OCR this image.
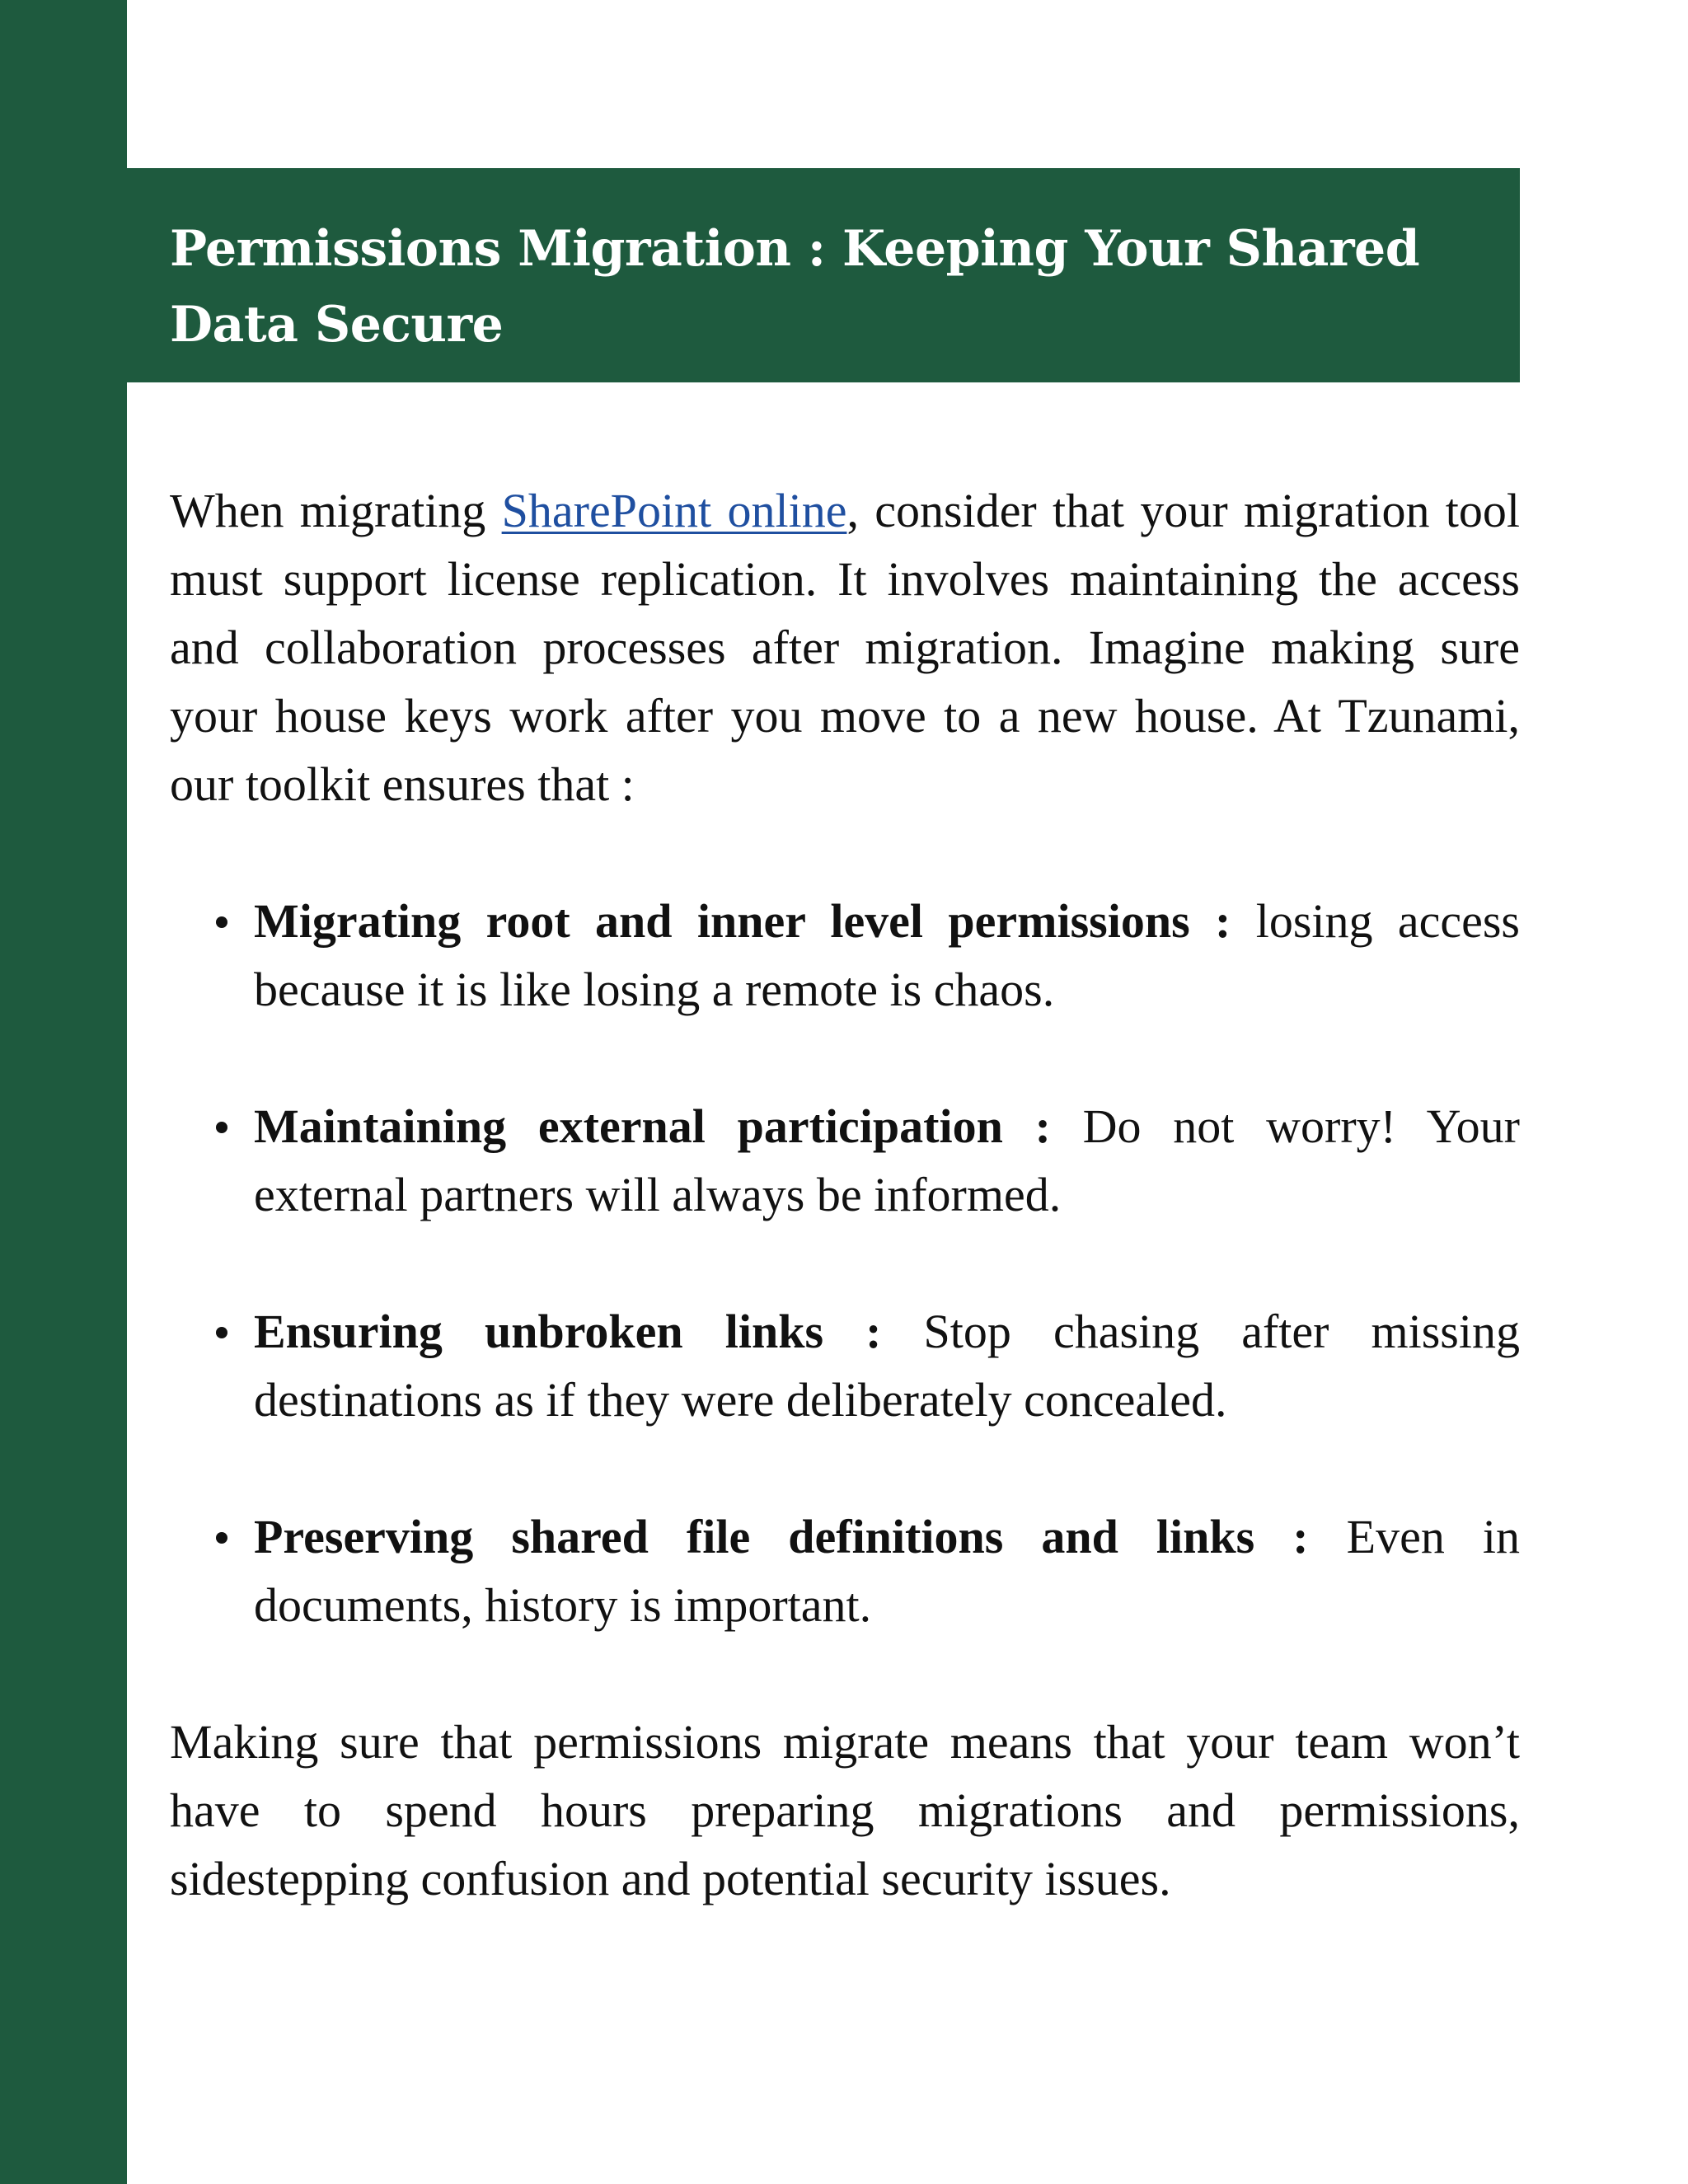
Permissions Migration : Keeping Your Shared Data Secure

When migrating SharePoint online, consider that your migration tool must support license replication. It involves maintaining the access and collaboration processes after migration. Imagine making sure your house keys work after you move to a new house. At Tzunami, our toolkit ensures that :

Migrating root and inner level permissions : losing access because it is like losing a remote is chaos.
Maintaining external participation : Do not worry! Your external partners will always be informed.
Ensuring unbroken links : Stop chasing after missing destinations as if they were deliberately concealed.
Preserving shared file definitions and links : Even in documents, history is important.

Making sure that permissions migrate means that your team won’t have to spend hours preparing migrations and permissions, sidestepping confusion and potential security issues.
